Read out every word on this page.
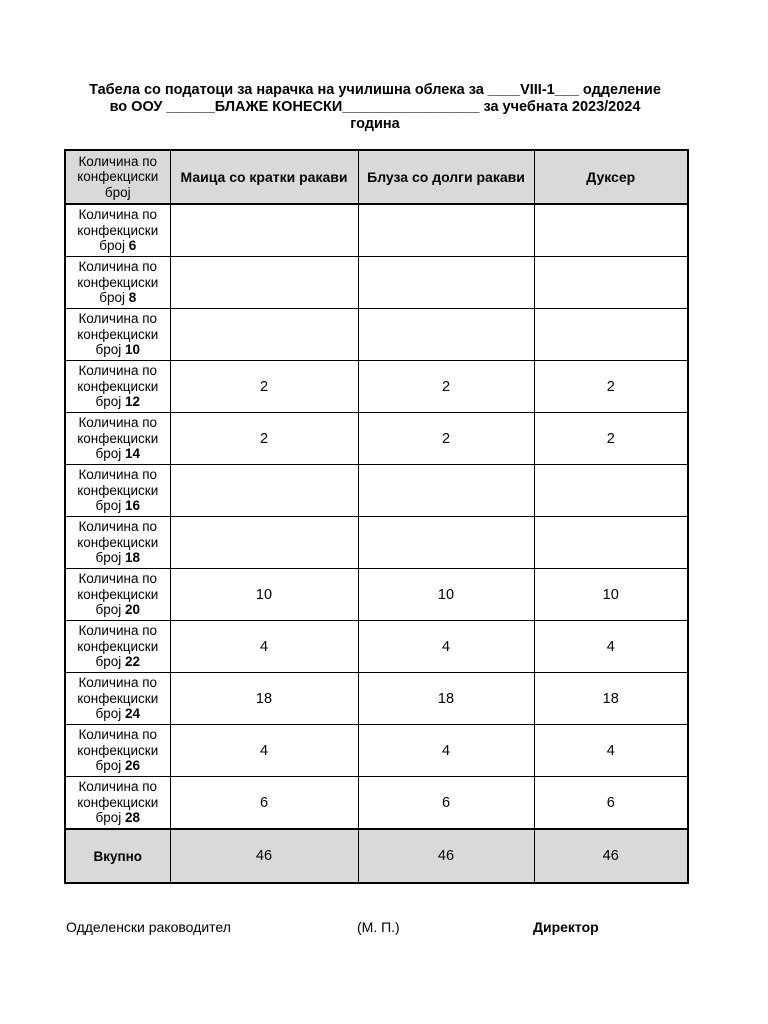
Табела со податоци за нарачка на училишна облека за ____VIII-1___ одделение
во ООУ ______БЛАЖЕ КОНЕСКИ_________________ за учебната 2023/2024
година
Количина по конфекциски број	Маица со кратки ракави	Блуза со долги ракави	Дуксер
Количина по конфекциски број 6			
Количина по конфекциски број 8			
Количина по конфекциски број 10			
Количина по конфекциски број 12	2	2	2
Количина по конфекциски број 14	2	2	2
Количина по конфекциски број 16			
Количина по конфекциски број 18			
Количина по конфекциски број 20	10	10	10
Количина по конфекциски број 22	4	4	4
Количина по конфекциски број 24	18	18	18
Количина по конфекциски број 26	4	4	4
Количина по конфекциски број 28	6	6	6
Вкупно	46	46	46
Одделенски раководител	(М. П.)	Директор
